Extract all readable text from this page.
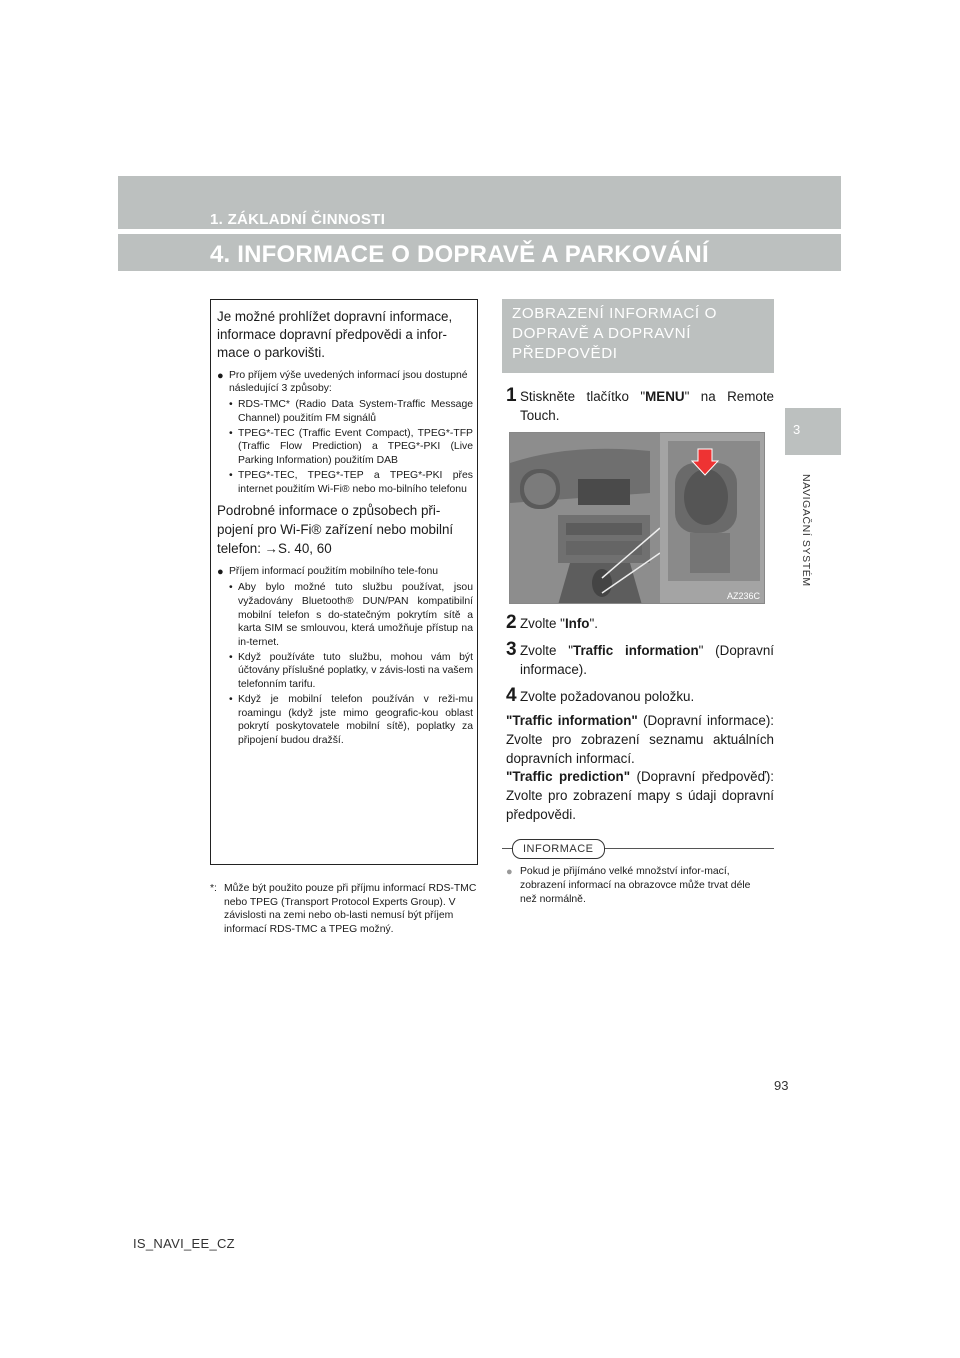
1. ZÁKLADNÍ ČINNOSTI
4. INFORMACE O DOPRAVĚ A PARKOVÁNÍ
3
NAVIGAČNÍ SYSTÉM

Je možné prohlížet dopravní informace, informace dopravní předpovědi a infor-mace o parkovišti.

● Pro příjem výše uvedených informací jsou dostupné následující 3 způsoby:
• RDS-TMC* (Radio Data System-Traffic Message Channel) použitím FM signálů
• TPEG*-TEC (Traffic Event Compact), TPEG*-TFP (Traffic Flow Prediction) a TPEG*-PKI (Live Parking Information) použitím DAB
• TPEG*-TEC, TPEG*-TEP a TPEG*-PKI přes internet použitím Wi-Fi® nebo mo-bilního telefonu

Podrobné informace o způsobech při-pojení pro Wi-Fi® zařízení nebo mobilní telefon: →S. 40, 60

● Příjem informací použitím mobilního tele-fonu
• Aby bylo možné tuto službu používat, jsou vyžadovány Bluetooth® DUN/PAN kompatibilní mobilní telefon s do-statečným pokrytím sítě a karta SIM se smlouvou, která umožňuje přístup na in-ternet.
• Když používáte tuto službu, mohou vám být účtovány příslušné poplatky, v závis-losti na vašem telefonním tarifu.
• Když je mobilní telefon používán v reži-mu roamingu (když jste mimo geografic-kou oblast pokrytí poskytovatele mobilní sítě), poplatky za připojení budou dražší.
*: Může být použito pouze při příjmu informací RDS-TMC nebo TPEG (Transport Protocol Experts Group). V závislosti na zemi nebo ob-lasti nemusí být příjem informací RDS-TMC a TPEG možný.
ZOBRAZENÍ INFORMACÍ O DOPRAVĚ A DOPRAVNÍ PŘEDPOVĚDI
1 Stiskněte tlačítko "MENU" na Remote Touch.
AZ236C
2 Zvolte "Info".
3 Zvolte "Traffic information" (Dopravní informace).
4 Zvolte požadovanou položku.
"Traffic information" (Dopravní informace): Zvolte pro zobrazení seznamu aktuálních dopravních informací.
"Traffic prediction" (Dopravní předpověď): Zvolte pro zobrazení mapy s údaji dopravní předpovědi.
INFORMACE
● Pokud je přijímáno velké množství infor-mací, zobrazení informací na obrazovce může trvat déle než normálně.
93
IS_NAVI_EE_CZ
